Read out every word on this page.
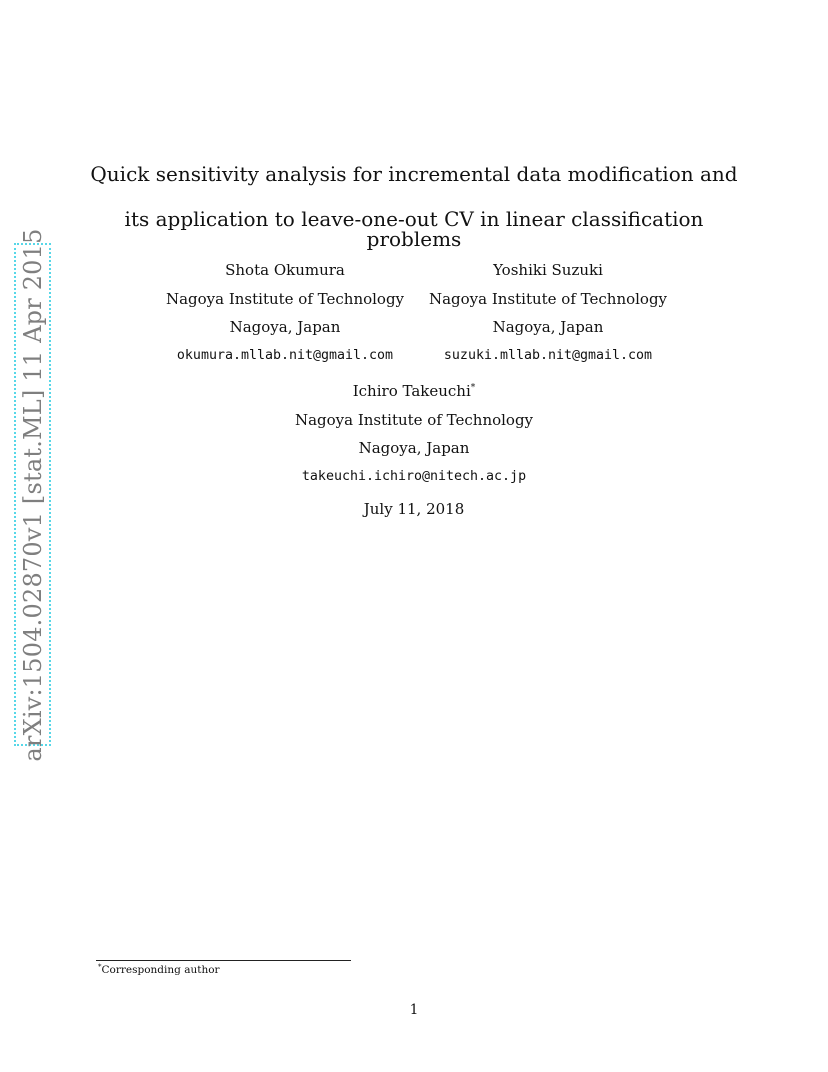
arXiv:1504.02870v1 [stat.ML] 11 Apr 2015
Quick sensitivity analysis for incremental data modification and
its application to leave-one-out CV in linear classification problems
Shota Okumura
Nagoya Institute of Technology
Nagoya, Japan
okumura.mllab.nit@gmail.com
Yoshiki Suzuki
Nagoya Institute of Technology
Nagoya, Japan
suzuki.mllab.nit@gmail.com
Ichiro Takeuchi*
Nagoya Institute of Technology
Nagoya, Japan
takeuchi.ichiro@nitech.ac.jp
July 11, 2018
*Corresponding author
1
